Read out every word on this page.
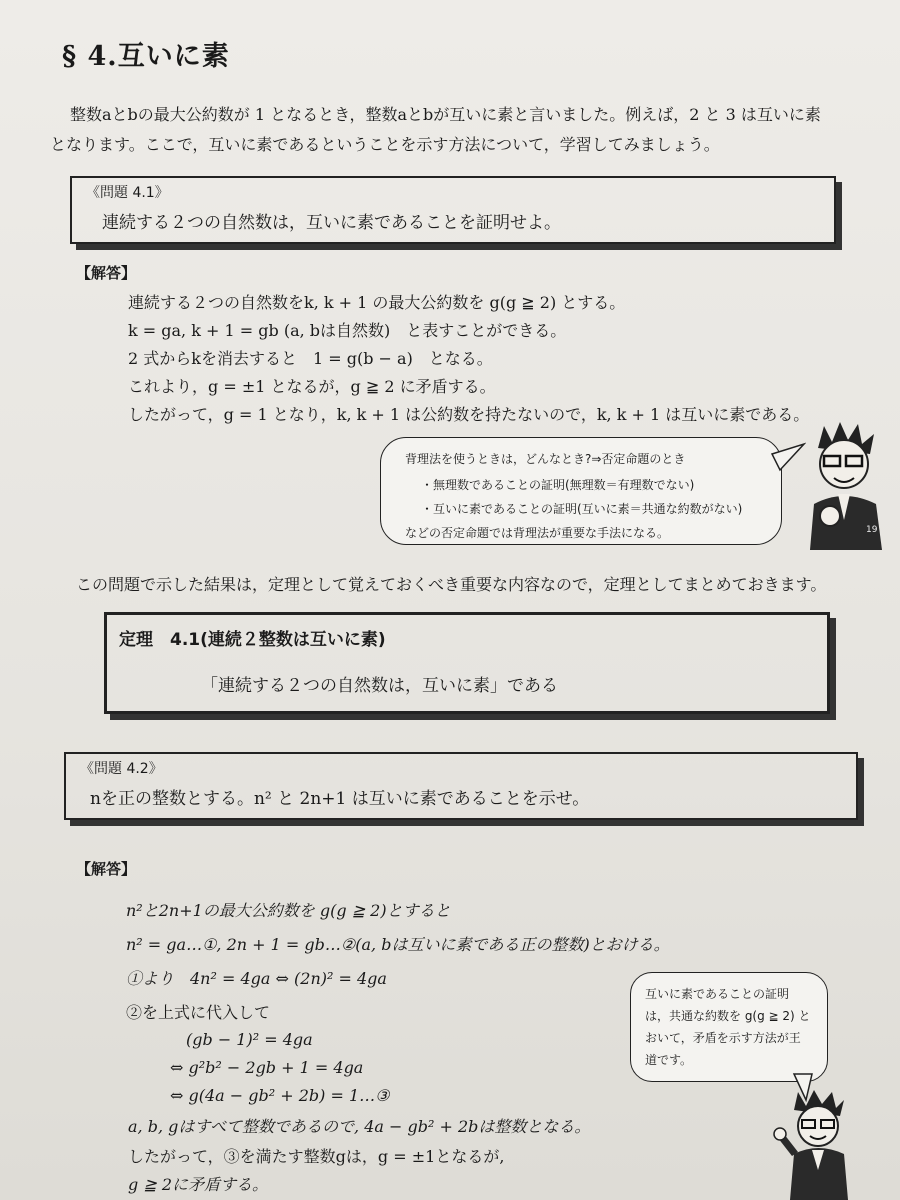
§ 4.互いに素
整数aとbの最大公約数が 1 となるとき，整数aとbが互いに素と言いました。例えば，2 と 3 は互いに素
となります。ここで，互いに素であるということを示す方法について，学習してみましょう。
《問題 4.1》
連続する２つの自然数は，互いに素であることを証明せよ。
【解答】
連続する２つの自然数をk, k + 1 の最大公約数を g(g ≧ 2) とする。
k = ga, k + 1 = gb (a, bは自然数)　と表すことができる。
2 式からkを消去すると　1 = g(b − a)　となる。
これより，g = ±1 となるが，g ≧ 2 に矛盾する。
したがって，g = 1 となり，k, k + 1 は公約数を持たないので，k, k + 1 は互いに素である。
背理法を使うときは，どんなとき?⇒否定命題のとき
・無理数であることの証明(無理数＝有理数でない)
・互いに素であることの証明(互いに素＝共通な約数がない)
などの否定命題では背理法が重要な手法になる。	19
この問題で示した結果は，定理として覚えておくべき重要な内容なので，定理としてまとめておきます。
定理　4.1(連続２整数は互いに素)
「連続する２つの自然数は，互いに素」である
《問題 4.2》
nを正の整数とする。n² と 2n+1 は互いに素であることを示せ。
【解答】
n²と2n+1の最大公約数を g(g ≧ 2)とすると
n² = ga…①, 2n + 1 = gb…②(a, bは互いに素である正の整数)とおける。
①より　4n² = 4ga ⇔ (2n)² = 4ga
②を上式に代入して
(gb − 1)² = 4ga
⇔ g²b² − 2gb + 1 = 4ga
⇔ g(4a − gb² + 2b) = 1…③
a, b, gはすべて整数であるので, 4a − gb² + 2bは整数となる。
したがって，③を満たす整数gは，g = ±1となるが,
g ≧ 2に矛盾する。
互いに素であることの証明
は，共通な約数を g(g ≧ 2) と
おいて，矛盾を示す方法が王
道です。
